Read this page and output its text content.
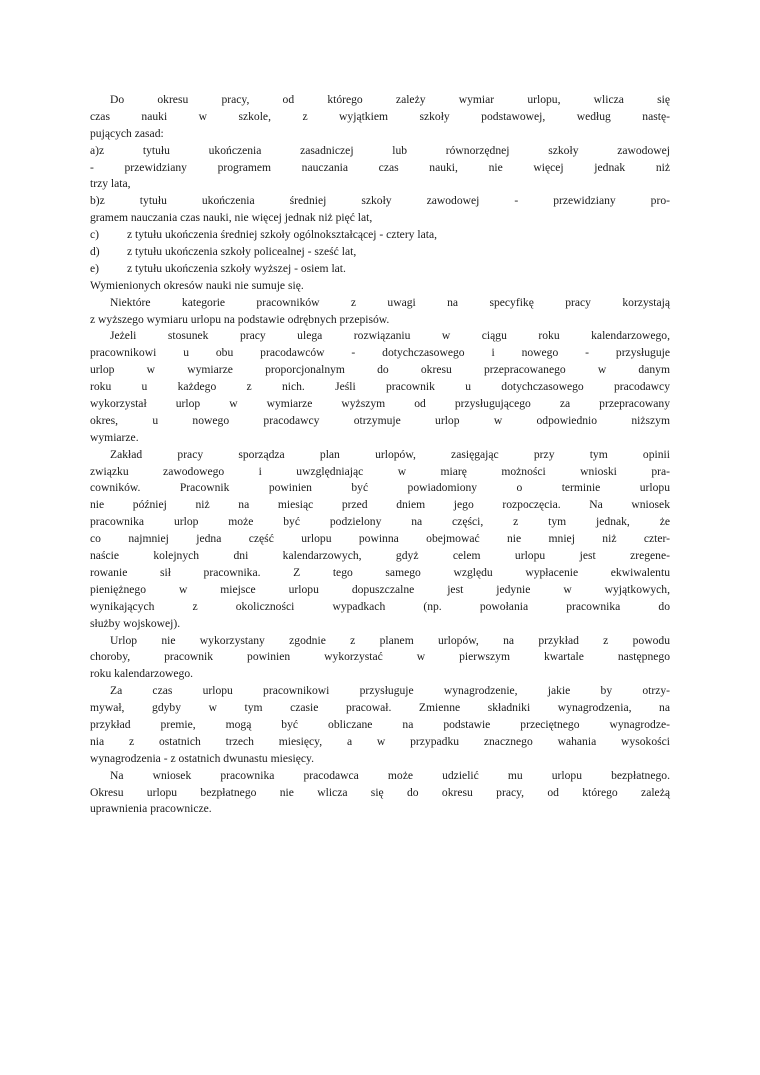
Do okresu pracy, od którego zależy wymiar urlopu, wlicza się
czas nauki w szkole, z wyjątkiem szkoły podstawowej, według nastę-
pujących zasad:
a)z tytułu ukończenia zasadniczej lub równorzędnej szkoły zawodowej
- przewidziany programem nauczania czas nauki, nie więcej jednak niż
trzy lata,
b)z tytułu ukończenia średniej szkoły zawodowej - przewidziany pro-
gramem nauczania czas nauki, nie więcej jednak niż pięć lat,
c) z tytułu ukończenia średniej szkoły ogólnokształcącej - cztery lata,
d) z tytułu ukończenia szkoły policealnej - sześć lat,
e) z tytułu ukończenia szkoły wyższej - osiem lat.
Wymienionych okresów nauki nie sumuje się.
Niektóre kategorie pracowników z uwagi na specyfikę pracy korzystają
z wyższego wymiaru urlopu na podstawie odrębnych przepisów.
Jeżeli stosunek pracy ulega rozwiązaniu w ciągu roku kalendarzowego,
pracownikowi u obu pracodawców - dotychczasowego i nowego - przysługuje
urlop w wymiarze proporcjonalnym do okresu przepracowanego w danym
roku u każdego z nich. Jeśli pracownik u dotychczasowego pracodawcy
wykorzystał urlop w wymiarze wyższym od przysługującego za przepracowany
okres, u nowego pracodawcy otrzymuje urlop w odpowiednio niższym
wymiarze.
Zakład pracy sporządza plan urlopów, zasięgając przy tym opinii
związku zawodowego i uwzględniając w miarę możności wnioski pra-
cowników. Pracownik powinien być powiadomiony o terminie urlopu
nie później niż na miesiąc przed dniem jego rozpoczęcia. Na wniosek
pracownika urlop może być podzielony na części, z tym jednak, że
co najmniej jedna część urlopu powinna obejmować nie mniej niż czter-
naście kolejnych dni kalendarzowych, gdyż celem urlopu jest zregene-
rowanie sił pracownika. Z tego samego względu wypłacenie ekwiwalentu
pieniężnego w miejsce urlopu dopuszczalne jest jedynie w wyjątkowych,
wynikających z okoliczności wypadkach (np. powołania pracownika do
służby wojskowej).
Urlop nie wykorzystany zgodnie z planem urlopów, na przykład z powodu
choroby, pracownik powinien wykorzystać w pierwszym kwartale następnego
roku kalendarzowego.
Za czas urlopu pracownikowi przysługuje wynagrodzenie, jakie by otrzy-
mywał, gdyby w tym czasie pracował. Zmienne składniki wynagrodzenia, na
przykład premie, mogą być obliczane na podstawie przeciętnego wynagrodze-
nia z ostatnich trzech miesięcy, a w przypadku znacznego wahania wysokości
wynagrodzenia - z ostatnich dwunastu miesięcy.
Na wniosek pracownika pracodawca może udzielić mu urlopu bezpłatnego.
Okresu urlopu bezpłatnego nie wlicza się do okresu pracy, od którego zależą
uprawnienia pracownicze.
